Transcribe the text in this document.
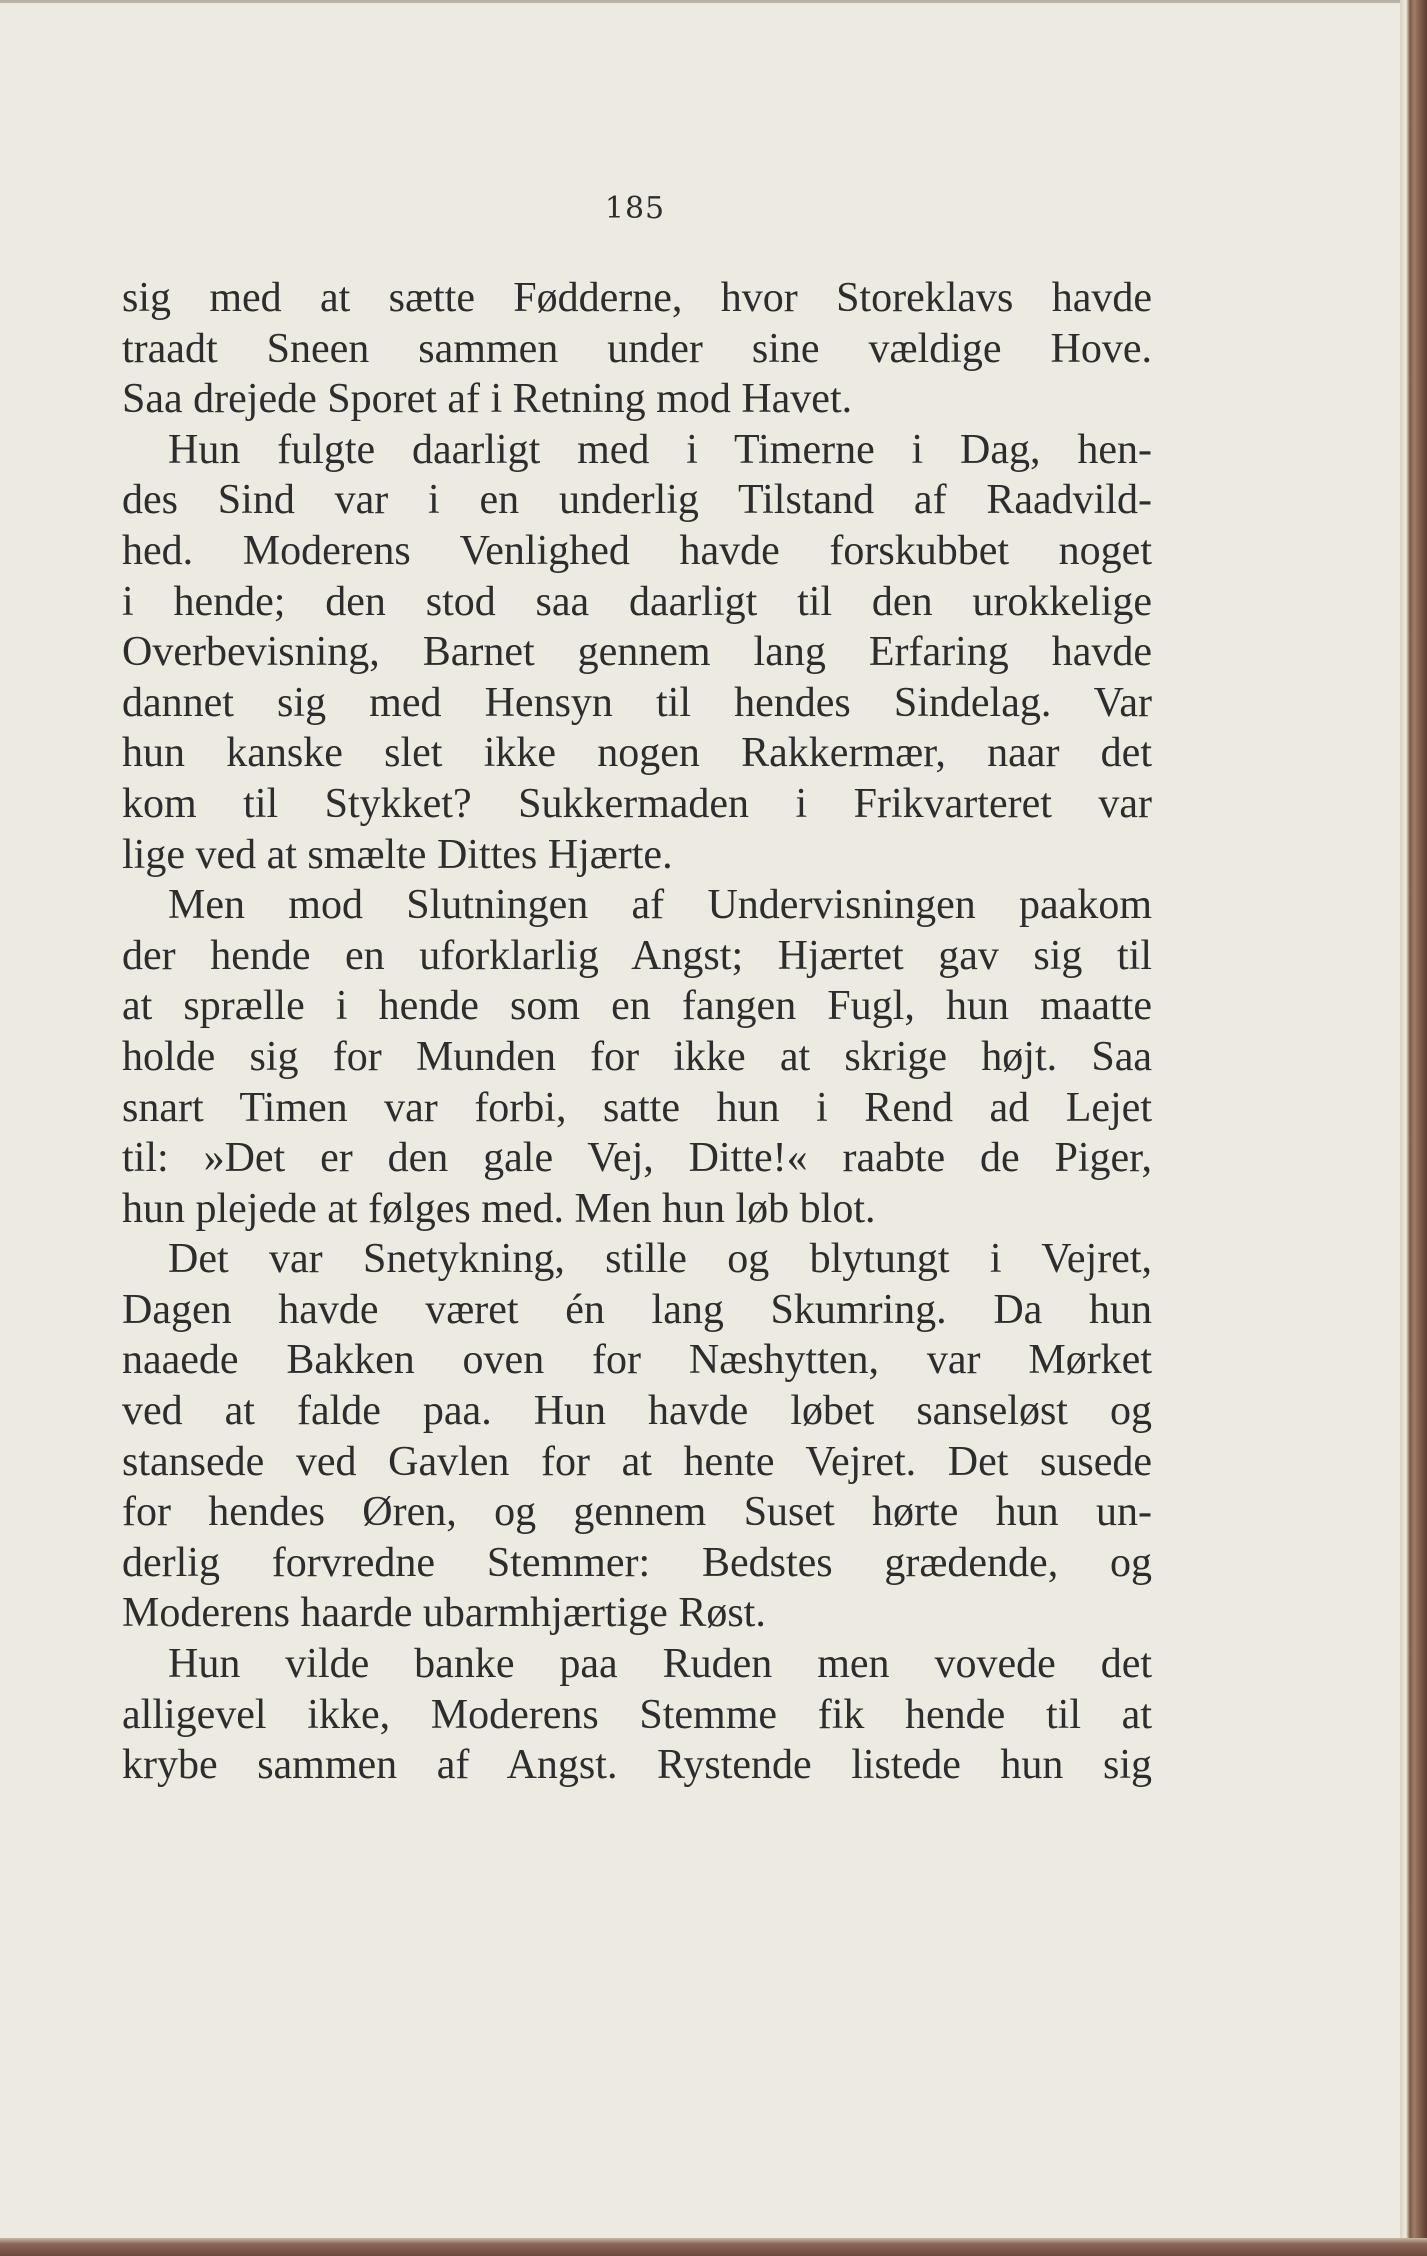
185
sig med at sætte Fødderne, hvor Storeklavs havde
traadt Sneen sammen under sine vældige Hove.
Saa drejede Sporet af i Retning mod Havet.
Hun fulgte daarligt med i Timerne i Dag, hen-
des Sind var i en underlig Tilstand af Raadvild-
hed. Moderens Venlighed havde forskubbet noget
i hende; den stod saa daarligt til den urokkelige
Overbevisning, Barnet gennem lang Erfaring havde
dannet sig med Hensyn til hendes Sindelag. Var
hun kanske slet ikke nogen Rakkermær, naar det
kom til Stykket? Sukkermaden i Frikvarteret var
lige ved at smælte Dittes Hjærte.
Men mod Slutningen af Undervisningen paakom
der hende en uforklarlig Angst; Hjærtet gav sig til
at sprælle i hende som en fangen Fugl, hun maatte
holde sig for Munden for ikke at skrige højt. Saa
snart Timen var forbi, satte hun i Rend ad Lejet
til: »Det er den gale Vej, Ditte!« raabte de Piger,
hun plejede at følges med. Men hun løb blot.
Det var Snetykning, stille og blytungt i Vejret,
Dagen havde været én lang Skumring. Da hun
naaede Bakken oven for Næshytten, var Mørket
ved at falde paa. Hun havde løbet sanseløst og
stansede ved Gavlen for at hente Vejret. Det susede
for hendes Øren, og gennem Suset hørte hun un-
derlig forvredne Stemmer: Bedstes grædende, og
Moderens haarde ubarmhjærtige Røst.
Hun vilde banke paa Ruden men vovede det
alligevel ikke, Moderens Stemme fik hende til at
krybe sammen af Angst. Rystende listede hun sig
